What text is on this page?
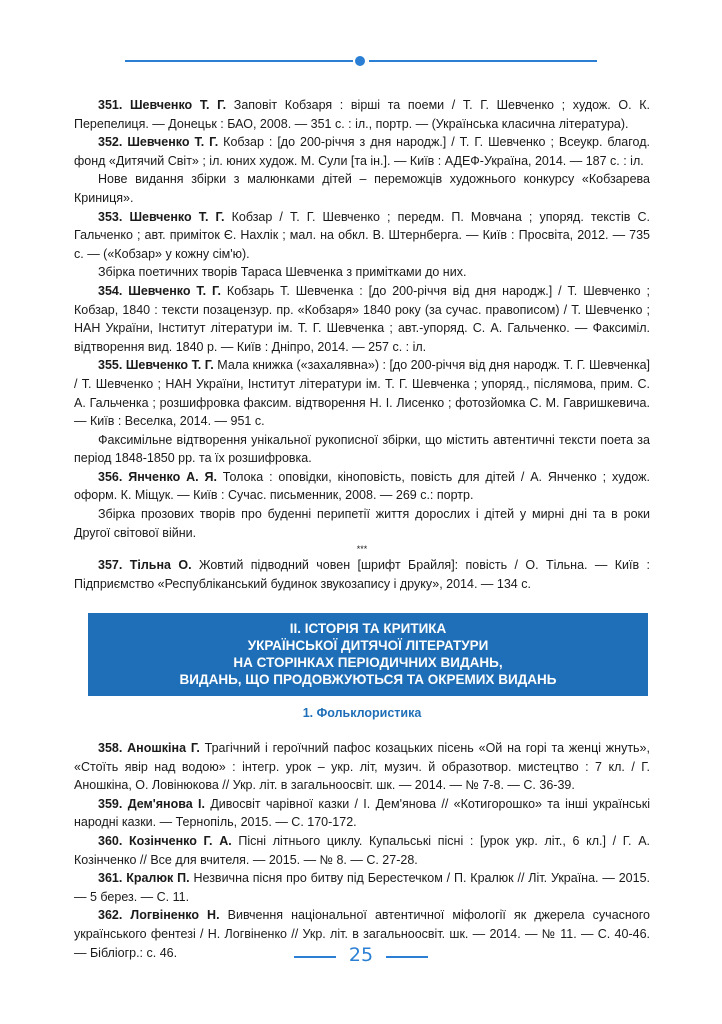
351. Шевченко Т. Г. Заповіт Кобзаря : вірші та поеми / Т. Г. Шевченко ; худож. О. К. Перепелиця. — Донецьк : БАО, 2008. — 351 с. : іл., портр. — (Українська класична література).

352. Шевченко Т. Г. Кобзар : [до 200-річчя з дня народж.] / Т. Г. Шевченко ; Всеукр. благод. фонд «Дитячий Світ» ; іл. юних худож. М. Сули [та ін.]. — Київ : АДЕФ-Україна, 2014. — 187 с. : іл.

Нове видання збірки з малюнками дітей – переможців художнього конкурсу «Кобзарева Криниця».

353. Шевченко Т. Г. Кобзар / Т. Г. Шевченко ; передм. П. Мовчана ; упоряд. текстів С. Гальченко ; авт. приміток Є. Нахлік ; мал. на обкл. В. Штернберга. — Київ : Просвіта, 2012. — 735 с. — («Кобзар» у кожну сім'ю).

Збірка поетичних творів Тараса Шевченка з примітками до них.

354. Шевченко Т. Г. Кобзарь Т. Шевченка : [до 200-річчя від дня народж.] / Т. Шевченко ; Кобзар, 1840 : тексти позацензур. пр. «Кобзаря» 1840 року (за сучас. правописом) / Т. Шевченко ; НАН України, Інститут літератури ім. Т. Г. Шевченка ; авт.-упоряд. С. А. Гальченко. — Факсиміл. відтворення вид. 1840 р. — Київ : Дніпро, 2014. — 257 с. : іл.

355. Шевченко Т. Г. Мала книжка («захалявна») : [до 200-річчя від дня народж. Т. Г. Шевченка] / Т. Шевченко ; НАН України, Інститут літератури ім. Т. Г. Шевченка ; упоряд., післямова, прим. С. А. Гальченка ; розшифровка факсим. відтворення Н. І. Лисенко ; фотозйомка С. М. Гавришкевича. — Київ : Веселка, 2014. — 951 с.

Факсимільне відтворення унікальної рукописної збірки, що містить автентичні тексти поета за період 1848-1850 рр. та їх розшифровка.

356. Янченко А. Я. Толока : оповідки, кіноповість, повість для дітей / А. Янченко ; худож. оформ. К. Міщук. — Київ : Сучас. письменник, 2008. — 269 с.: портр.

Збірка прозових творів про буденні перипетії життя дорослих і дітей у мирні дні та в роки Другої світової війни.

***

357. Тільна О. Жовтий підводний човен [шрифт Брайля]: повість / О. Тільна. — Київ : Підприємство «Республіканський будинок звукозапису і друку», 2014. — 134 с.

II. ІСТОРІЯ ТА КРИТИКА
УКРАЇНСЬКОЇ ДИТЯЧОЇ ЛІТЕРАТУРИ
НА СТОРІНКАХ ПЕРІОДИЧНИХ ВИДАНЬ,
ВИДАНЬ, ЩО ПРОДОВЖУЮТЬСЯ ТА ОКРЕМИХ ВИДАНЬ
1. Фольклористика

358. Аношкіна Г. Трагічний і героїчний пафос козацьких пісень «Ой на горі та женці жнуть», «Стоїть явір над водою» : інтегр. урок – укр. літ, музич. й образотвор. мистецтво : 7 кл. / Г. Аношкіна, О. Ловінюкова // Укр. літ. в загальноосвіт. шк. — 2014. — № 7-8. — С. 36-39.

359. Дем'янова І. Дивосвіт чарівної казки / І. Дем'янова // «Котигорошко» та інші українські народні казки. — Тернопіль, 2015. — С. 170-172.

360. Козінченко Г. А. Пісні літнього циклу. Купальські пісні : [урок укр. літ., 6 кл.] / Г. А. Козінченко // Все для вчителя. — 2015. — № 8. — С. 27-28.

361. Кралюк П. Незвична пісня про битву під Берестечком / П. Кралюк // Літ. Україна. — 2015. — 5 берез. — С. 11.

362. Логвіненко Н. Вивчення національної автентичної міфології як джерела сучасного українського фентезі / Н. Логвіненко // Укр. літ. в загальноосвіт. шк. — 2014. — № 11. — С. 40-46. — Бібліогр.: с. 46.	25
